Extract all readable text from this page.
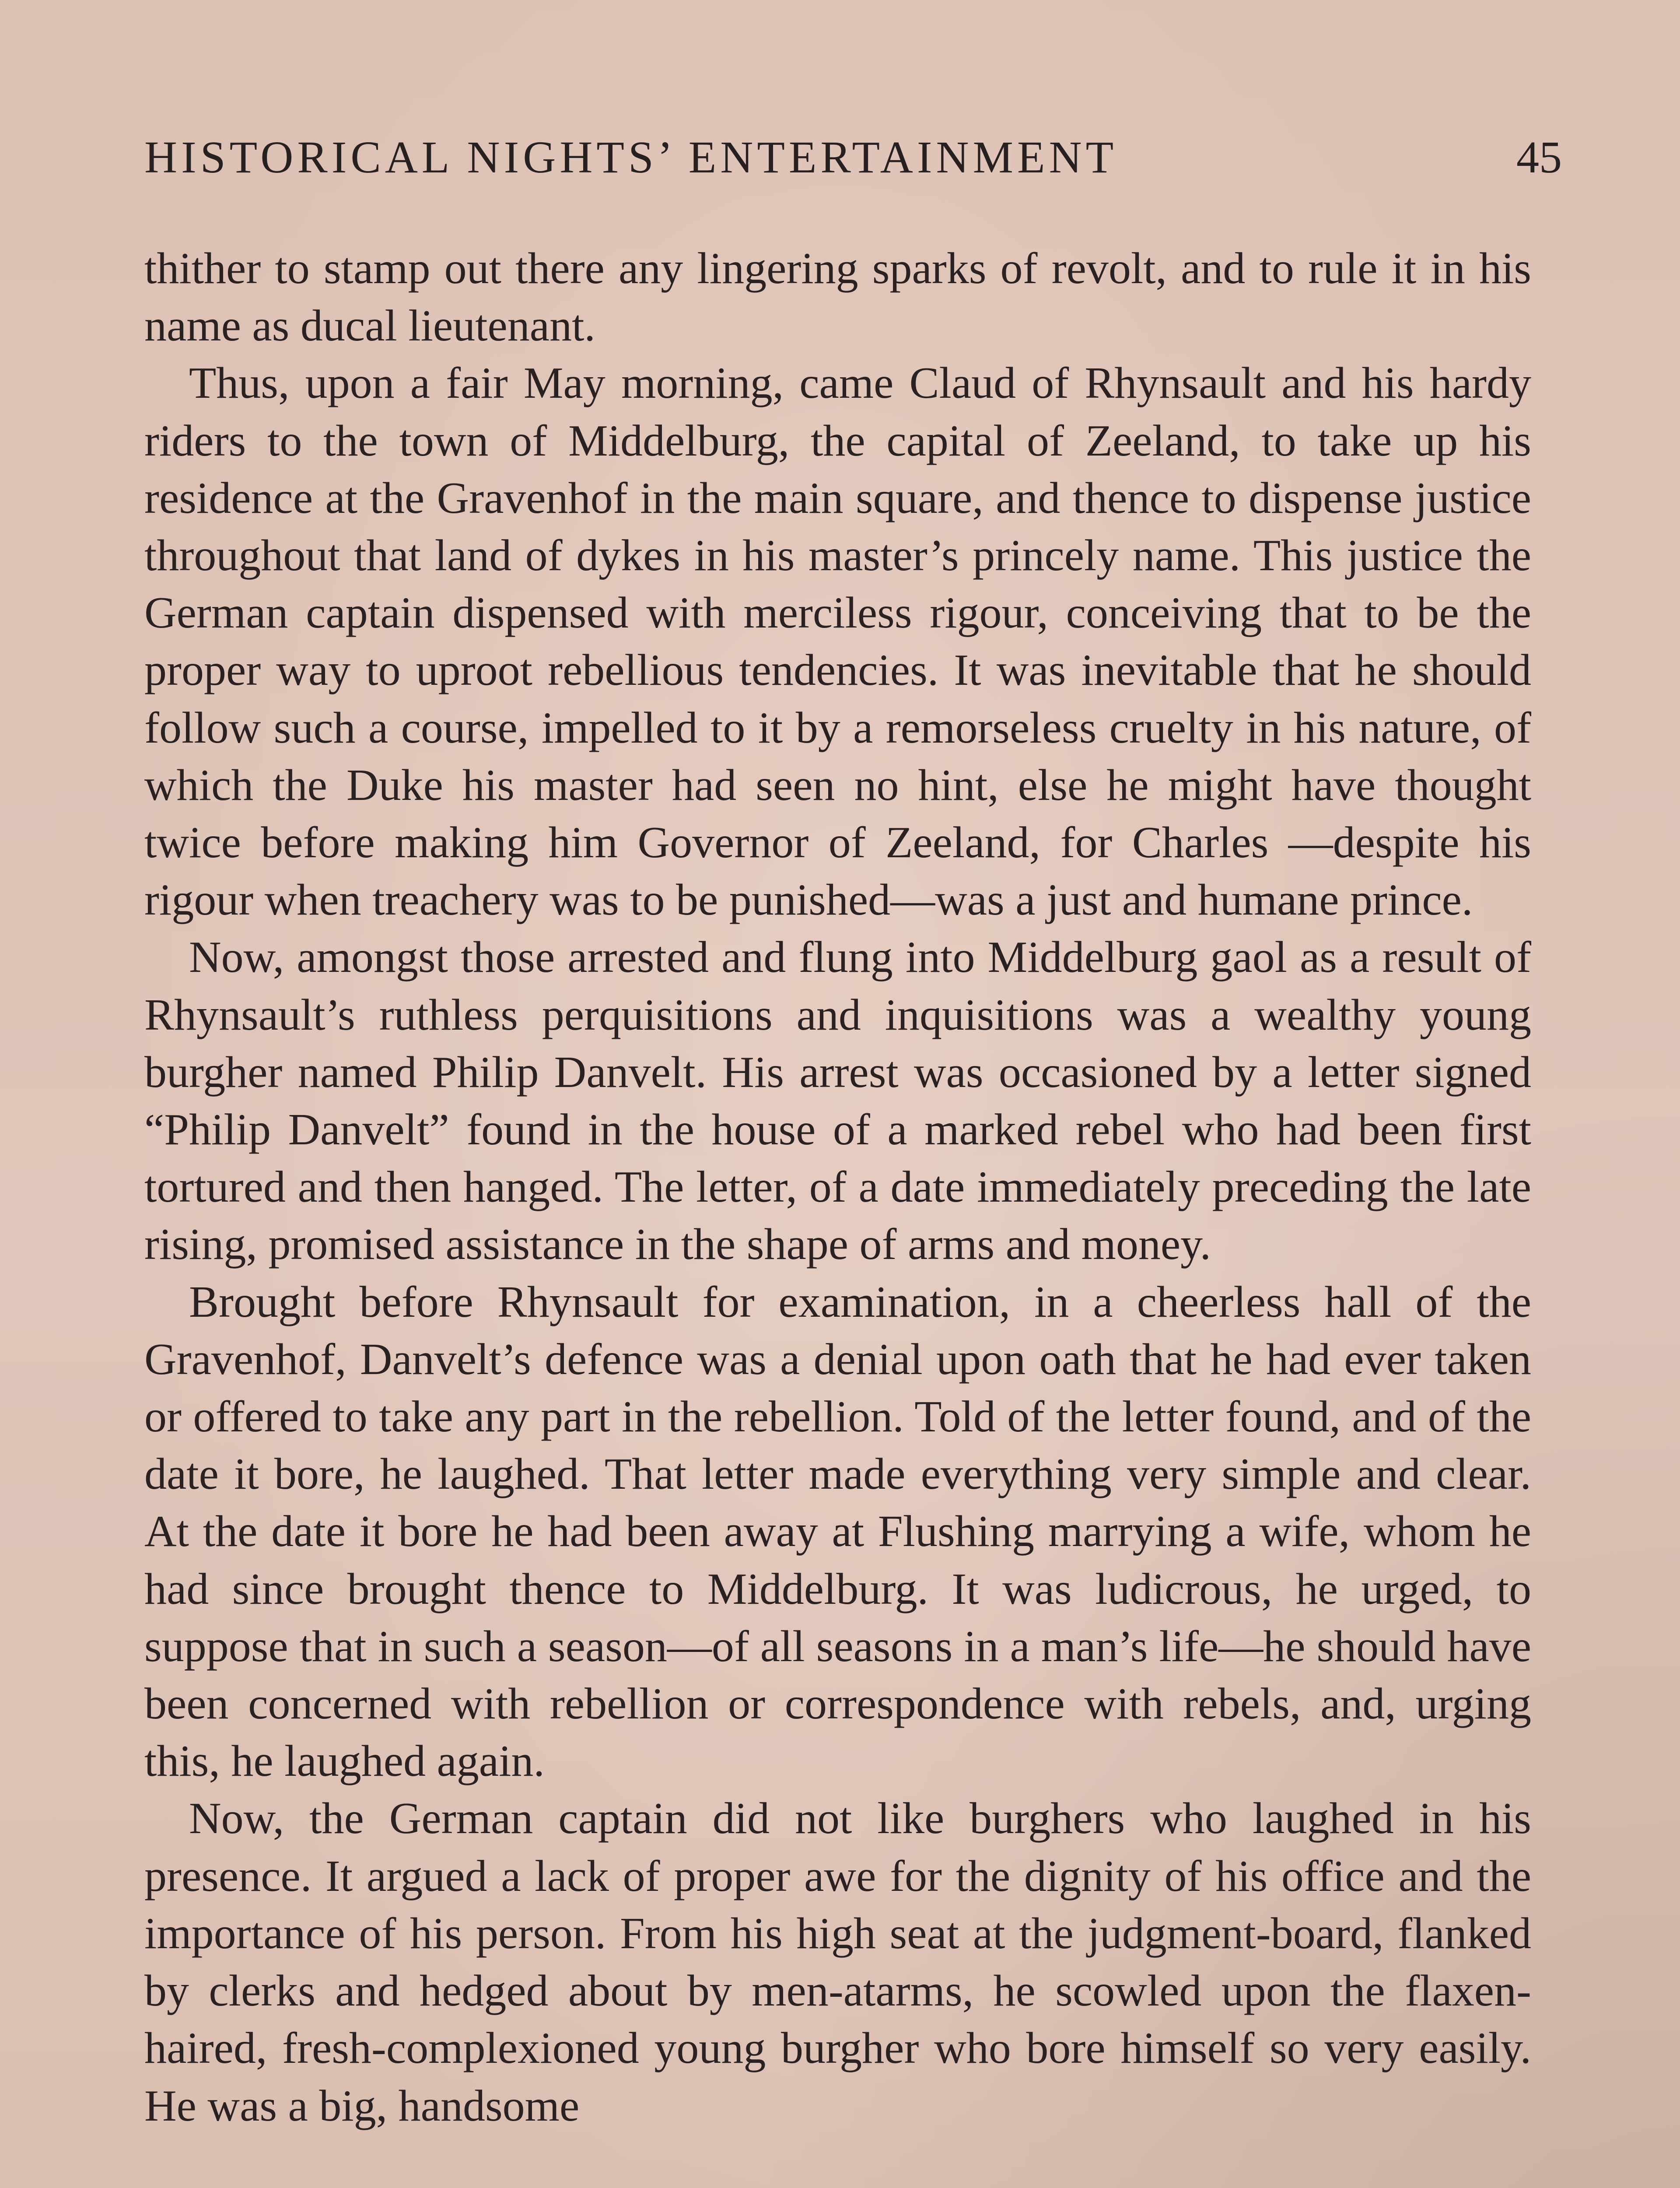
HISTORICAL NIGHTS’ ENTERTAINMENT	45

thither to stamp out there any lingering sparks of revolt, and to rule it in his name as ducal lieutenant.

Thus, upon a fair May morning, came Claud of Rhynsault and his hardy riders to the town of Middelburg, the capital of Zeeland, to take up his residence at the Gravenhof in the main square, and thence to dispense justice throughout that land of dykes in his master’s princely name. This justice the German captain dispensed with merciless rigour, conceiving that to be the proper way to uproot rebellious tendencies. It was inevitable that he should follow such a course, impelled to it by a remorseless cruelty in his nature, of which the Duke his master had seen no hint, else he might have thought twice before making him Governor of Zeeland, for Charles —despite his rigour when treachery was to be punished—was a just and humane prince.

Now, amongst those arrested and flung into Middelburg gaol as a result of Rhynsault’s ruthless perquisitions and inquisitions was a wealthy young burgher named Philip Danvelt. His arrest was occasioned by a letter signed “Philip Danvelt” found in the house of a marked rebel who had been first tortured and then hanged. The letter, of a date immediately preceding the late rising, promised assistance in the shape of arms and money.

Brought before Rhynsault for examination, in a cheerless hall of the Gravenhof, Danvelt’s defence was a denial upon oath that he had ever taken or offered to take any part in the rebellion. Told of the letter found, and of the date it bore, he laughed. That letter made everything very simple and clear. At the date it bore he had been away at Flushing marrying a wife, whom he had since brought thence to Middelburg. It was ludicrous, he urged, to suppose that in such a season—of all seasons in a man’s life—he should have been concerned with rebellion or correspondence with rebels, and, urging this, he laughed again.

Now, the German captain did not like burghers who laughed in his presence. It argued a lack of proper awe for the dignity of his office and the importance of his person. From his high seat at the judgment-board, flanked by clerks and hedged about by men-atarms, he scowled upon the flaxen-haired, fresh-complexioned young burgher who bore himself so very easily. He was a big, handsome
